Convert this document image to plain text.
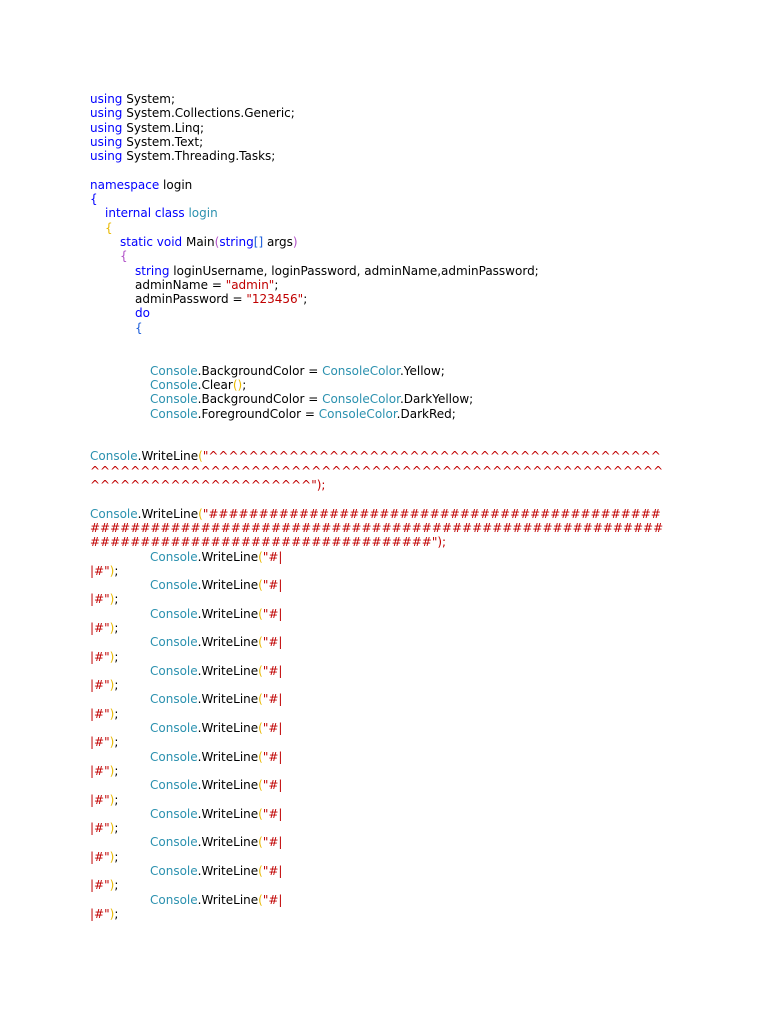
using System;
using System.Collections.Generic;
using System.Linq;
using System.Text;
using System.Threading.Tasks;
namespace login
{
internal class login
{
static void Main(string[] args)
{
string loginUsername, loginPassword, adminName,adminPassword;
adminName = "admin";
adminPassword = "123456";
do
{
Console.BackgroundColor = ConsoleColor.Yellow;
Console.Clear();
Console.BackgroundColor = ConsoleColor.DarkYellow;
Console.ForegroundColor = ConsoleColor.DarkRed;
Console.WriteLine("^^^^^^^^^^^^^^^^^^^^^^^^^^^^^^^^^^^^^^^^^^^^^^^^^^^^^^^^^^^^^^^^^^^^^^^^^^^^^^^^^^^^^^^^^^^^^^^^^^^^^^^^^^^^^^^^^^^^^^^^^^^^");
Console.WriteLine("########################################################################################################################################");
Console.WriteLine("#|
|#");
Console.WriteLine("#|
|#");
Console.WriteLine("#|
|#");
Console.WriteLine("#|
|#");
Console.WriteLine("#|
|#");
Console.WriteLine("#|
|#");
Console.WriteLine("#|
|#");
Console.WriteLine("#|
|#");
Console.WriteLine("#|
|#");
Console.WriteLine("#|
|#");
Console.WriteLine("#|
|#");
Console.WriteLine("#|
|#");
Console.WriteLine("#|
|#");
